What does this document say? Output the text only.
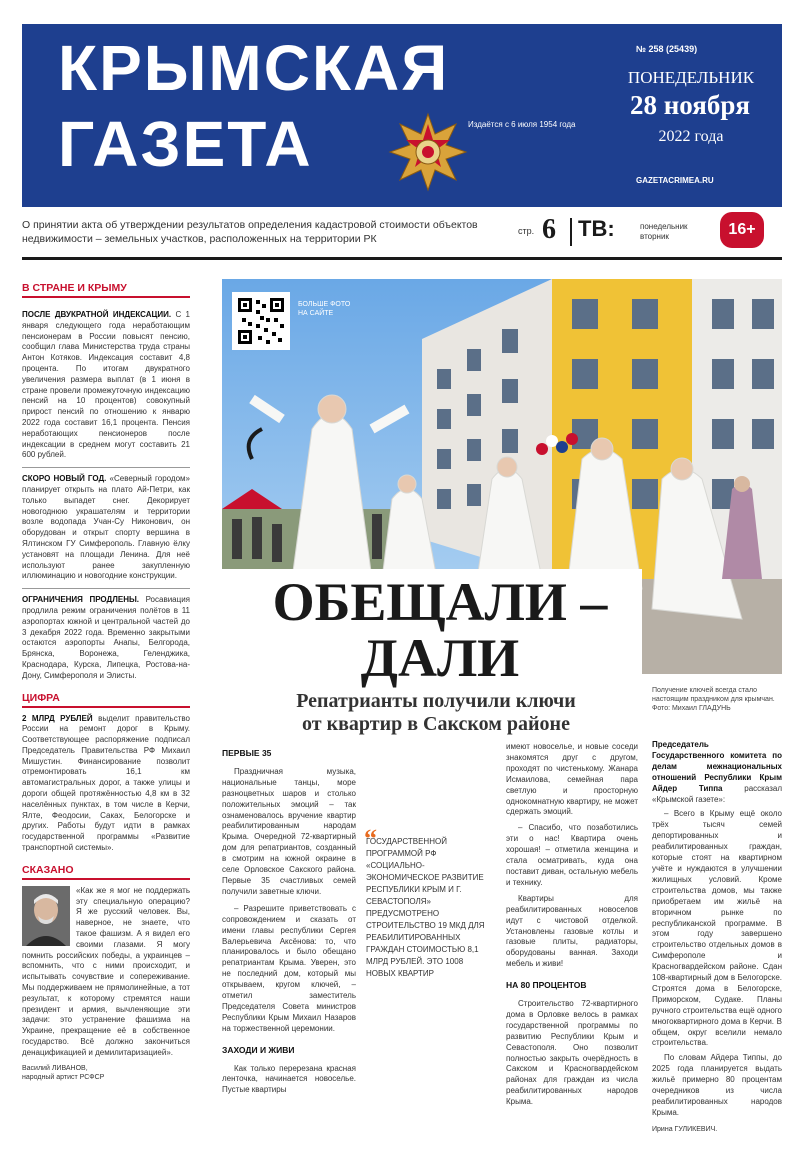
КРЫМСКАЯ
ГАЗЕТА	Издаётся с 6 июля 1954 года
№ 258 (25439)
ПОНЕДЕЛЬНИК
28 ноября
2022 года
GAZETACRIMEA.RU
О принятии акта об утверждении результатов определения кадастровой стоимости объектов недвижимости – земельных участков, расположенных на территории РК
стр. 6 ТВ:	понедельник вторник	16+
В СТРАНЕ И КРЫМУ
ПОСЛЕ ДВУКРАТНОЙ ИНДЕКСАЦИИ. С 1 января следующего года неработающим пенсионерам в России повысят пенсию, сообщил глава Министерства труда страны Антон Котяков. Индексация составит 4,8 процента. По итогам двукратного увеличения размера выплат (в 1 июня в стране провели промежуточную индексацию пенсий на 10 процентов) совокупный прирост пенсий по отношению к январю 2022 года составит 16,1 процента. Пенсия неработающих пенсионеров после индексации в среднем могут составить 21 600 рублей.
СКОРО НОВЫЙ ГОД. «Северный городом» планирует открыть на плато Ай-Петри, как только выпадет снег. Декорирует новогоднюю украшателям и территории возле водопада Учан-Су Никонович, он оборудован и открыт спорту вершина в Ялтинском ГУ Симферополь. Главную ёлку установят на площади Ленина. Для неё используют ранее закупленную иллюминацию и новогодние конструкции.
ОГРАНИЧЕНИЯ ПРОДЛЕНЫ. Росавиация продлила режим ограничения полётов в 11 аэропортах южной и центральной частей до 3 декабря 2022 года. Временно закрытыми остаются аэропорты Анапы, Белгорода, Брянска, Воронежа, Геленджика, Краснодара, Курска, Липецка, Ростова-на-Дону, Симферополя и Элисты.
ЦИФРА
2 МЛРД РУБЛЕЙ выделит правительство России на ремонт дорог в Крыму. Соответствующее распоряжение подписал Председатель Правительства РФ Михаил Мишустин. Финансирование позволит отремонтировать 16,1 км автомагистральных дорог, а также улицы и дороги общей протяжённостью 4,8 км в 32 населённых пунктах, в том числе в Керчи, Ялте, Феодосии, Саках, Белогорске и других. Работы будут идти в рамках государственной программы «Развитие транспортной системы».
СКАЗАНО
«Как же я мог не поддержать эту специальную операцию? Я же русский человек. Вы, наверное, не знаете, что такое фашизм. А я видел его своими глазами. Я могу помнить российских победы, а украинцев – вспомнить, что с ними происходит, и испытывать сочувствие и сопереживание. Мы поддерживаем не прямолинейные, а тот результат, к которому стремятся наши президент и армия, вычленяющие эти задачи: это устранение фашизма на Украине, прекращение её в собственное государство. Всё должно закончиться денацификацией и демилитаризацией».
Василий ЛИВАНОВ,
народный артист РСФСР
БОЛЬШЕ ФОТО НА САЙТЕ
ОБЕЩАЛИ –
ДАЛИ
Репатрианты получили ключи
от квартир в Сакском районе
Получение ключей всегда стало настоящим праздником для крымчан. Фото: Михаил ГЛАДУНЬ
ПЕРВЫЕ 35

Праздничная музыка, национальные танцы, море разноцветных шаров и столько положительных эмоций – так ознаменовалось вручение квартир реабилитированным народам Крыма. Очередной 72-квартирный дом для репатриантов, созданный в смотрим на южной окраине в селе Орловское Сакского района. Первые 35 счастливых семей получили заветные ключи.

– Разрешите приветствовать с сопровождением и сказать от имени главы республики Сергея Валерьевича Аксёнова: то, что планировалось и было обещано репатриантам Крыма. Уверен, это не последний дом, который мы открываем, кругом ключей, – отметил заместитель Председателя Совета министров Республики Крым Михаил Назаров на торжественной церемонии.

ЗАХОДИ И ЖИВИ

Как только перерезана красная ленточка, начинается новоселье. Пустые квартиры

“
ГОСУДАРСТВЕННОЙ ПРОГРАММОЙ РФ «СОЦИАЛЬНО-ЭКОНОМИЧЕСКОЕ РАЗВИТИЕ РЕСПУБЛИКИ КРЫМ И Г. СЕВАСТОПОЛЯ» ПРЕДУСМОТРЕНО СТРОИТЕЛЬСТВО 19 МКД ДЛЯ РЕАБИЛИТИРОВАННЫХ ГРАЖДАН СТОИМОСТЬЮ 8,1 МЛРД РУБЛЕЙ. ЭТО 1008 НОВЫХ КВАРТИР

имеют новоселье, и новые соседи знакомятся друг с другом, проходят по чистенькому. Жанара Исмаилова, семейная пара светлую и просторную однокомнатную квартиру, не может сдержать эмоций.

– Спасибо, что позаботились эти о нас! Квартира очень хорошая! – отметила женщина и стала осматривать, куда она поставит диван, остальную мебель и технику.

Квартиры для реабилитированных новоселов идут с чистовой отделкой. Установлены газовые котлы и газовые плиты, радиаторы, оборудованы ванная. Заходи мебель и живи!

НА 80 ПРОЦЕНТОВ

Строительство 72-квартирного дома в Орловке велось в рамках государственной программы по развитию Республики Крым и Севастополя. Оно позволит полностью закрыть очерёдность в Сакском и Красногвардейском районах для граждан из числа реабилитированных народов Крыма.

Председатель Государственного комитета по делам межнациональных отношений Республики Крым Айдер Типпа	рассказал «Крымской газете»:

– Всего в Крыму ещё около трёх тысяч семей депортированных и реабилитированных граждан, которые стоят на квартирном учёте и нуждаются в улучшении жилищных условий. Кроме строительства домов, мы также приобретаем им жильё на вторичном рынке по республиканской программе. В этом году завершено строительство отдельных домов в Симферополе и Красногвардейском районе. Сдан 108-квартирный дом в Белогорске. Строятся дома в Белогорске, Приморском, Судаке. Планы ручного строительства ещё одного многоквартирного дома в Керчи. В общем, округ вселили немало строительства.

По словам Айдера Типпы, до 2025 года планируется выдать жильё примерно 80 процентам очередников из числа реабилитированных народов Крыма.

Ирина ГУЛИКЕВИЧ.
